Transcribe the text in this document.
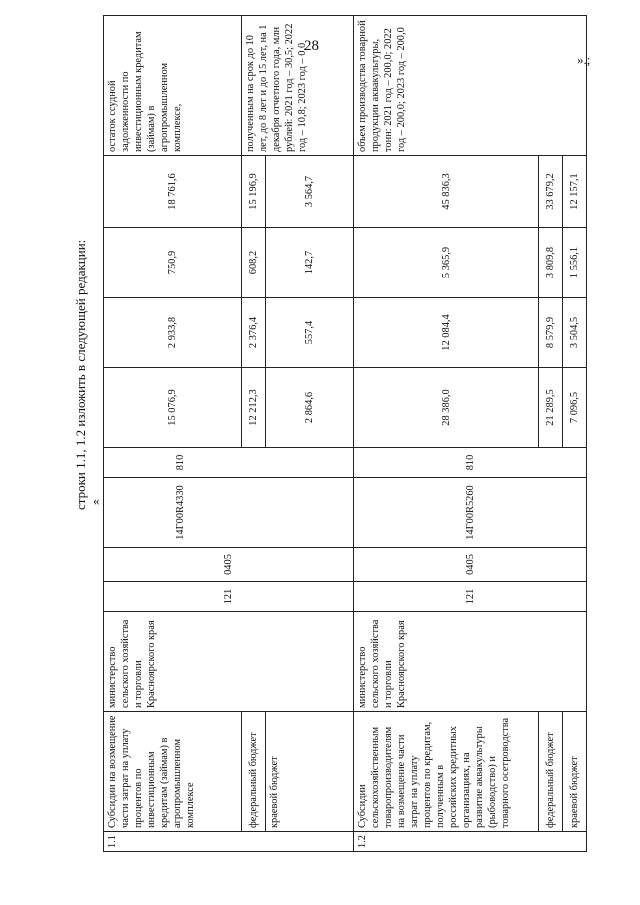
28
строки 1.1, 1.2 изложить в следующей редакции: «
».;
1.1	Субсидии на возмещение части затрат на уплату процентов по инвестиционным кредитам (займам) в агропромышленном комплексе	министерство сельского хозяйства и торговли Красноярского края	121	0405	14Г00R4330	810	15 076,9	2 933,8	750,9	18 761,6	остаток ссудной задолженности по инвестиционным кредитам (займам) в агропромышленном комплексе,
	федеральный бюджет						12 212,3	2 376,4	608,2	15 196,9	полученным на срок до 10 лет, до 8 лет и до 15 лет, на 1 декабря отчетного года, млн рублей: 2021 год – 30,5; 2022 год – 10,8; 2023 год – 0,0
	краевой бюджет						2 864,6	557,4	142,7	3 564,7	
1.2	Субсидии сельскохозяйственным товаропроизводителям на возмещение части затрат на уплату процентов по кредитам, полученным в российских кредитных организациях, на развитие аквакультуры (рыбоводство) и товарного осетроводства	министерство сельского хозяйства и торговли Красноярского края	121	0405	14Г00R5260	810	28 386,0	12 084,4	5 365,9	45 836,3	объем производства товарной продукции аквакультуры, тонн: 2021 год – 200,0; 2022 год – 200,0; 2023 год – 200,0
	федеральный бюджет						21 289,5	8 579,9	3 809,8	33 679,2	
	краевой бюджет						7 096,5	3 504,5	1 556,1	12 157,1	
